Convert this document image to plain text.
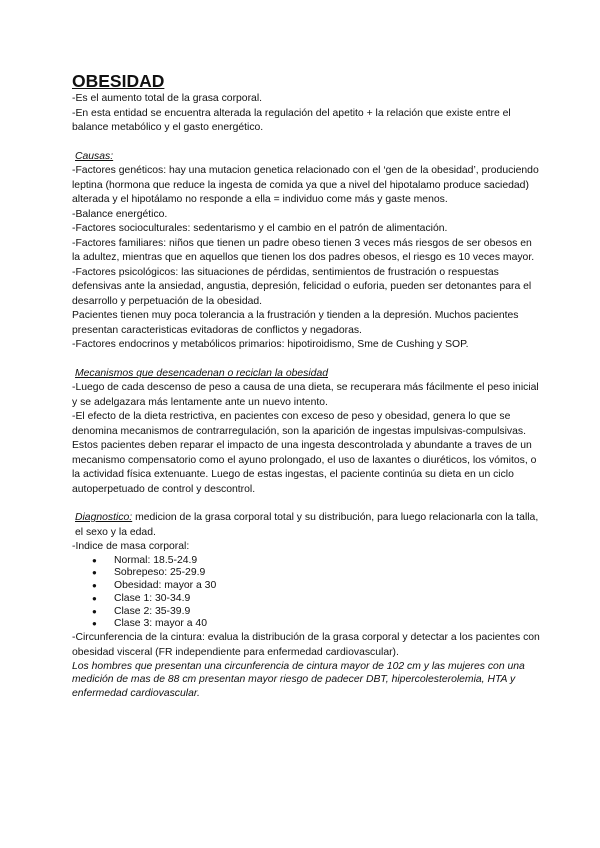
OBESIDAD

-Es el aumento total de la grasa corporal.

-En esta entidad se encuentra alterada la regulación del apetito + la relación que existe entre el balance metabólico y el gasto energético.

Causas:

-Factores genéticos: hay una mutacion genetica relacionado con el ‘gen de la obesidad’, produciendo leptina (hormona que reduce la ingesta de comida ya que a nivel del hipotalamo produce saciedad) alterada y el hipotálamo no responde a ella = individuo come más y gaste menos.

-Balance energético.

-Factores socioculturales: sedentarismo y el cambio en el patrón de alimentación.

-Factores familiares: niños que tienen un padre obeso tienen 3 veces más riesgos de ser obesos en la adultez, mientras que en aquellos que tienen los dos padres obesos, el riesgo es 10 veces mayor.

-Factores psicológicos: las situaciones de pérdidas, sentimientos de frustración o respuestas defensivas ante la ansiedad, angustia, depresión, felicidad o euforia, pueden ser detonantes para el desarrollo y perpetuación de la obesidad.

Pacientes tienen muy poca tolerancia a la frustración y tienden a la depresión. Muchos pacientes presentan caracteristicas evitadoras de conflictos y negadoras.

-Factores endocrinos y metabólicos primarios: hipotiroidismo, Sme de Cushing y SOP.

Mecanismos que desencadenan o reciclan la obesidad

-Luego de cada descenso de peso a causa de una dieta, se recuperara más fácilmente el peso inicial y se adelgazara más lentamente ante un nuevo intento.

-El efecto de la dieta restrictiva, en pacientes con exceso de peso y obesidad, genera lo que se denomina mecanismos de contrarregulación, son la aparición de ingestas impulsivas-compulsivas. Estos pacientes deben reparar el impacto de una ingesta descontrolada y abundante a traves de un mecanismo compensatorio como el ayuno prolongado, el uso de laxantes o diuréticos, los vómitos, o la actividad física extenuante. Luego de estas ingestas, el paciente continúa su dieta en un ciclo autoperpetuado de control y descontrol.

Diagnostico: medicion de la grasa corporal total y su distribución, para luego relacionarla con la talla, el sexo y la edad.

-Indice de masa corporal:

● Normal: 18.5-24.9
● Sobrepeso: 25-29.9
● Obesidad: mayor a 30
● Clase 1: 30-34.9
● Clase 2: 35-39.9
● Clase 3: mayor a 40

-Circunferencia de la cintura: evalua la distribución de la grasa corporal y detectar a los pacientes con obesidad visceral (FR independiente para enfermedad cardiovascular).

Los hombres que presentan una circunferencia de cintura mayor de 102 cm y las mujeres con una medición de mas de 88 cm presentan mayor riesgo de padecer DBT, hipercolesterolemia, HTA y enfermedad cardiovascular.
